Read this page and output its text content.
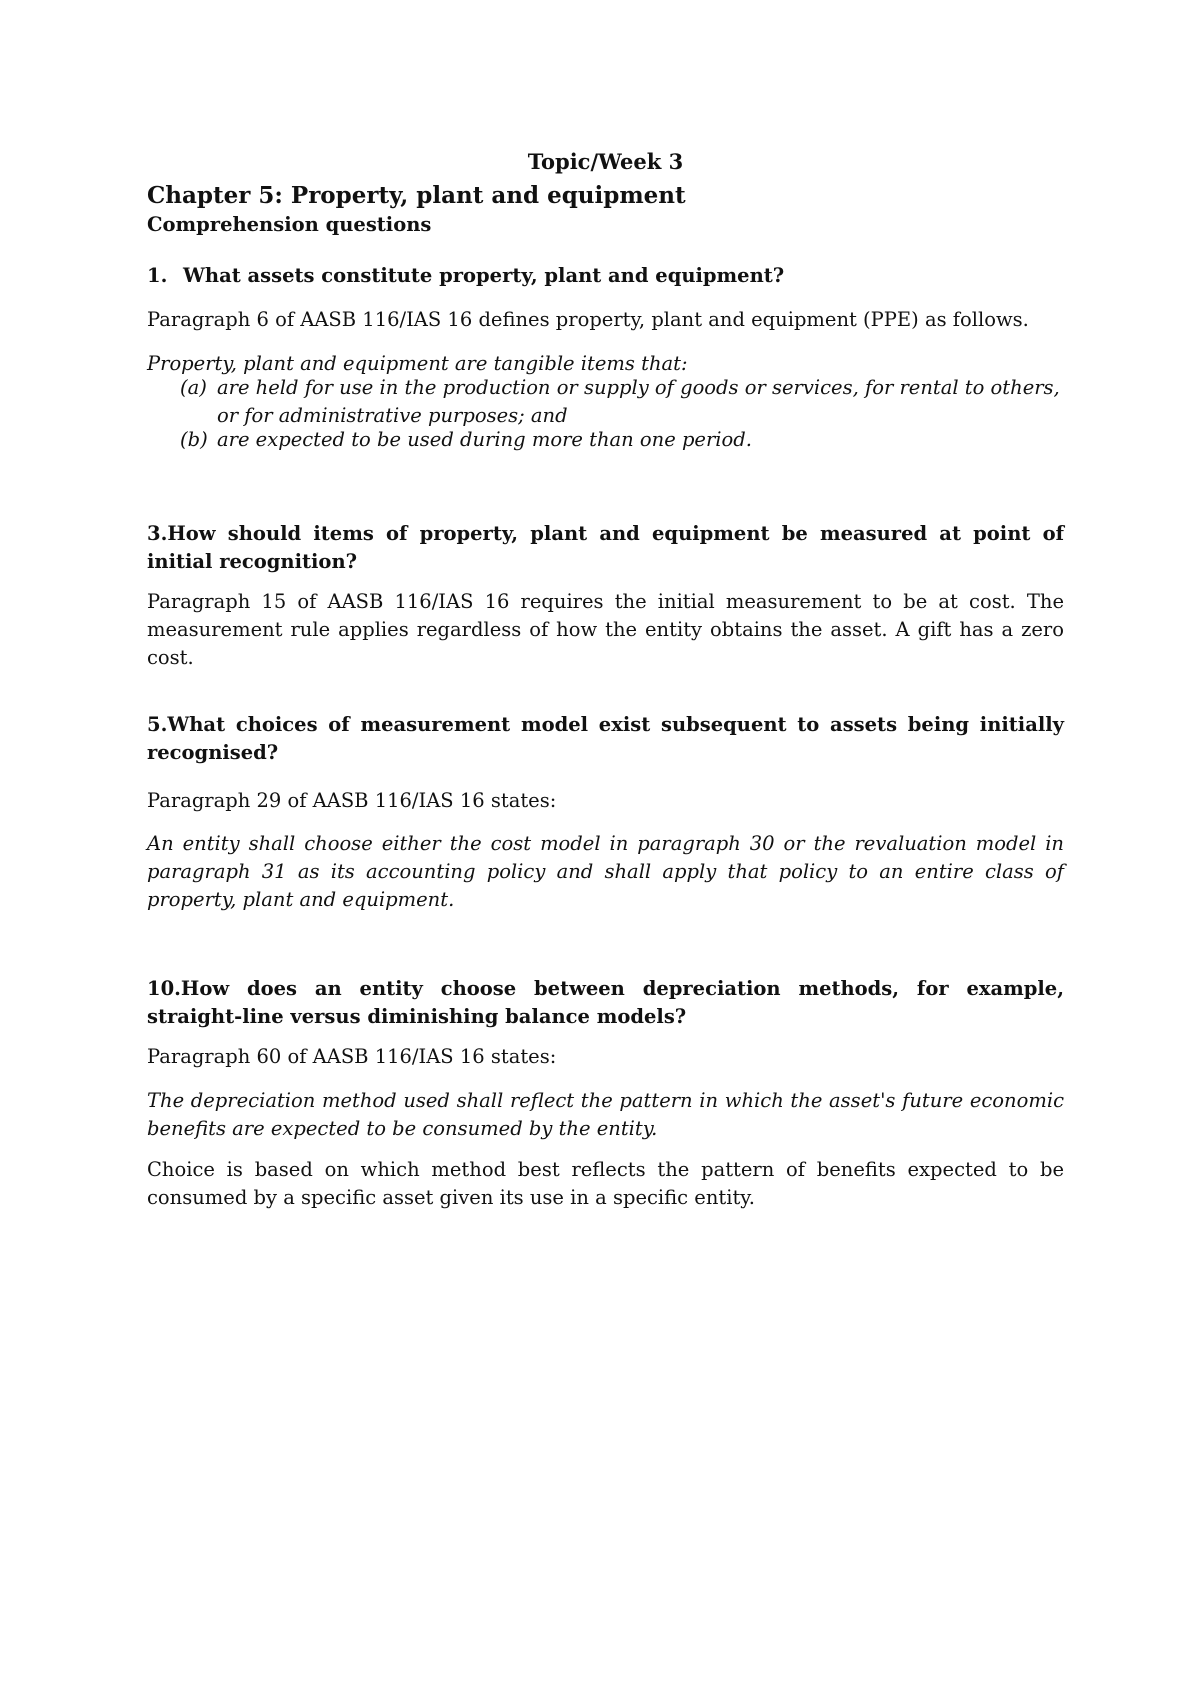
Topic/Week 3
Chapter 5: Property, plant and equipment
Comprehension questions
1. What assets constitute property, plant and equipment?
Paragraph 6 of AASB 116/IAS 16 defines property, plant and equipment (PPE) as follows.
Property, plant and equipment are tangible items that:
(a) are held for use in the production or supply of goods or services, for rental to others, or for administrative purposes; and
(b) are expected to be used during more than one period.
3.How should items of property, plant and equipment be measured at point of initial recognition?
Paragraph 15 of AASB 116/IAS 16 requires the initial measurement to be at cost. The measurement rule applies regardless of how the entity obtains the asset. A gift has a zero cost.
5.What choices of measurement model exist subsequent to assets being initially recognised?
Paragraph 29 of AASB 116/IAS 16 states:
An entity shall choose either the cost model in paragraph 30 or the revaluation model in paragraph 31 as its accounting policy and shall apply that policy to an entire class of property, plant and equipment.
10.How does an entity choose between depreciation methods, for example, straight-line versus diminishing balance models?
Paragraph 60 of AASB 116/IAS 16 states:
The depreciation method used shall reflect the pattern in which the asset's future economic benefits are expected to be consumed by the entity.
Choice is based on which method best reflects the pattern of benefits expected to be consumed by a specific asset given its use in a specific entity.
